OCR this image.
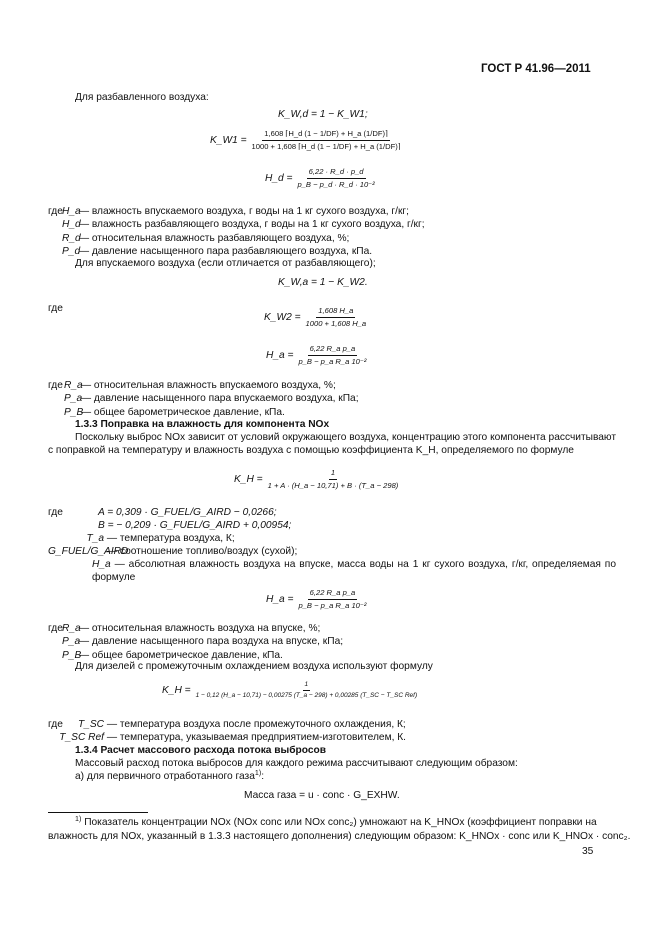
ГОСТ Р 41.96—2011
Для разбавленного воздуха:
K_W,d = 1 − K_W1;
K_W1 = $\frac{1,608 ⌈H\_d (1 - 1/DF) + H\_a (1/DF)⌉}{1000 + 1,608 ⌈H\_d (1 - 1/DF) + H\_a (1/DF)⌉}$
H_d = $\frac{6,22 \cdot R\_d \cdot p\_d}{\text{p\_B − p\_d · R\_d · 10⁻²}}$
где H_a — влажность впускаемого воздуха, г воды на 1 кг сухого воздуха, г/кг;
H_d — влажность разбавляющего воздуха, г воды на 1 кг сухого воздуха, г/кг;
R_d — относительная влажность разбавляющего воздуха, %;
P_d — давление насыщенного пара разбавляющего воздуха, кПа.
Для впускаемого воздуха (если отличается от разбавляющего);
K_W,a = 1 − K_W2.
где
K_W2 = $\frac{1,608 H\_a}{1000 + 1,608 H\_a}$
H_a = $\frac{\text{6,22 R\_a p\_a}}{\text{p\_B − p\_a R\_a 10⁻²}}$
где R_a — относительная влажность впускаемого воздуха, %;
P_a — давление насыщенного пара впускаемого воздуха, кПа;
P_B — общее барометрическое давление, кПа.
1.3.3 Поправка на влажность для компонента NOx
Поскольку выброс NOx зависит от условий окружающего воздуха, концентрацию этого компонента рассчитывают с поправкой на температуру и влажность воздуха с помощью коэффициента K_H, определяемого по формуле
K_H = $\frac{1}{1 + A \cdot (H\_a - 10,71) + B \cdot (T\_a - 298)}$
где	A = 0,309 · G_FUEL/G_AIRD − 0,0266;
B = − 0,209 · G_FUEL/G_AIRD + 0,00954;
T_a — температура воздуха, К;
G_FUEL/G_AIRD — соотношение топливо/воздух (сухой);
H_a — абсолютная влажность воздуха на впуске, масса воды на 1 кг сухого воздуха, г/кг, определяемая по формуле
H_a = $\frac{\text{6,22 R\_a p\_a}}{\text{p\_B − p\_a R\_a 10⁻²}}$
где R_a — относительная влажность воздуха на впуске, %;
P_a — давление насыщенного пара воздуха на впуске, кПа;
P_B — общее барометрическое давление, кПа.
Для дизелей с промежуточным охлаждением воздуха используют формулу
K_H =
1
1 − 0,12 (H_a − 10,71) − 0,00275 (T_a − 298) + 0,00285 (T_SC − T_SC Ref)
где	T_SC — температура воздуха после промежуточного охлаждения, К;
T_SC Ref — температура, указываемая предприятием-изготовителем, К.
1.3.4 Расчет массового расхода потока выбросов
Массовый расход потока выбросов для каждого режима рассчитывают следующим образом:
а) для первичного отработанного газа$^{1)}$:
Масса газа = u · conc · G_EXHW.
$^{1)}$ Показатель концентрации NOx (NOx conc или NOx conc₂) умножают на K_HNOx (коэффициент поправки на
влажность для NOx, указанный в 1.3.3 настоящего дополнения) следующим образом: K_HNOx · conc или K_HNOx · conc₂.
35
